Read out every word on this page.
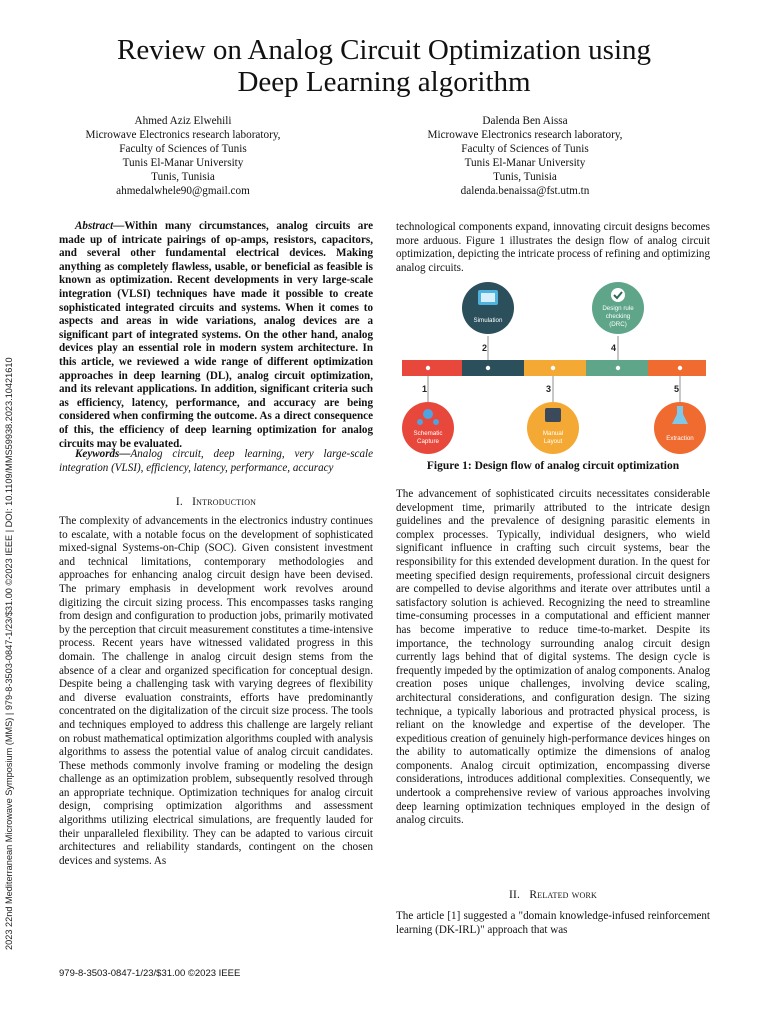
Review on Analog Circuit Optimization using
Deep Learning algorithm
Ahmed Aziz Elwehili
Microwave Electronics research laboratory,
Faculty of Sciences of Tunis
Tunis El-Manar University
Tunis, Tunisia
ahmedalwhele90@gmail.com
Dalenda Ben Aissa
Microwave Electronics research laboratory,
Faculty of Sciences of Tunis
Tunis El-Manar University
Tunis, Tunisia
dalenda.benaissa@fst.utm.tn

Abstract—Within many circumstances, analog circuits are made up of intricate pairings of op-amps, resistors, capacitors, and several other fundamental electrical devices. Making anything as completely flawless, usable, or beneficial as feasible is known as optimization. Recent developments in very large-scale integration (VLSI) techniques have made it possible to create sophisticated integrated circuits and systems. When it comes to aspects and areas in wide variations, analog devices are a significant part of integrated systems. On the other hand, analog devices play an essential role in modern system architecture. In this article, we reviewed a wide range of different optimization approaches in deep learning (DL), analog circuit optimization, and its relevant applications. In addition, significant criteria such as efficiency, latency, performance, and accuracy are being considered when confirming the outcome. As a direct consequence of this, the efficiency of deep learning optimization for analog circuits may be evaluated.

Keywords—Analog circuit, deep learning, very large-scale integration (VLSI), efficiency, latency, performance, accuracy

I. Introduction

The complexity of advancements in the electronics industry continues to escalate, with a notable focus on the development of sophisticated mixed-signal Systems-on-Chip (SOC). Given consistent investment and technical limitations, contemporary methodologies and approaches for enhancing analog circuit design have been devised. The primary emphasis in development work revolves around digitizing the circuit sizing process. This encompasses tasks ranging from design and configuration to production jobs, primarily motivated by the perception that circuit measurement constitutes a time-intensive process. Recent years have witnessed validated progress in this domain. The challenge in analog circuit design stems from the absence of a clear and organized specification for conceptual design. Despite being a challenging task with varying degrees of flexibility and diverse evaluation constraints, efforts have predominantly concentrated on the digitalization of the circuit size process. The tools and techniques employed to address this challenge are largely reliant on robust mathematical optimization algorithms coupled with analysis algorithms to assess the potential value of analog circuit candidates. These methods commonly involve framing or modeling the design challenge as an optimization problem, subsequently resolved through an appropriate technique. Optimization techniques for analog circuit design, comprising optimization algorithms and assessment algorithms utilizing electrical simulations, are frequently lauded for their unparalleled flexibility. They can be adapted to various circuit architectures and reliability standards, contingent on the chosen devices and systems. As

technological components expand, innovating circuit designs becomes more arduous. Figure 1 illustrates the design flow of analog circuit optimization, depicting the intricate process of refining and optimizing analog circuits.

Simulation
2
Design rule
checking
(DRC)
4
Schematic
Capture
1
Manual
Layout
3
Extraction
5
Figure 1: Design flow of analog circuit optimization

The advancement of sophisticated circuits necessitates considerable development time, primarily attributed to the intricate design guidelines and the prevalence of designing parasitic elements in complex processes. Typically, individual designers, who wield significant influence in crafting such circuit systems, bear the responsibility for this extended development duration. In the quest for meeting specified design requirements, professional circuit designers are compelled to devise algorithms and iterate over attributes until a satisfactory solution is achieved. Recognizing the need to streamline time-consuming processes in a computational and efficient manner has become imperative to reduce time-to-market. Despite its importance, the technology surrounding analog circuit design currently lags behind that of digital systems. The design cycle is frequently impeded by the optimization of analog components. Analog creation poses unique challenges, involving device scaling, architectural considerations, and configuration design. The sizing technique, a typically laborious and protracted physical process, is reliant on the knowledge and expertise of the developer. The expeditious creation of genuinely high-performance devices hinges on the ability to automatically optimize the dimensions of analog components. Analog circuit optimization, encompassing diverse considerations, introduces additional complexities. Consequently, we undertook a comprehensive review of various approaches involving deep learning optimization techniques employed in the design of analog circuits.

II. Related work

The article [1] suggested a "domain knowledge-infused reinforcement learning (DK-IRL)" approach that was

2023 22nd Mediterranean Microwave Symposium (MMS) | 979-8-3503-0847-1/23/$31.00 ©2023 IEEE | DOI: 10.1109/MMS59938.2023.10421610
979-8-3503-0847-1/23/$31.00 ©2023 IEEE
